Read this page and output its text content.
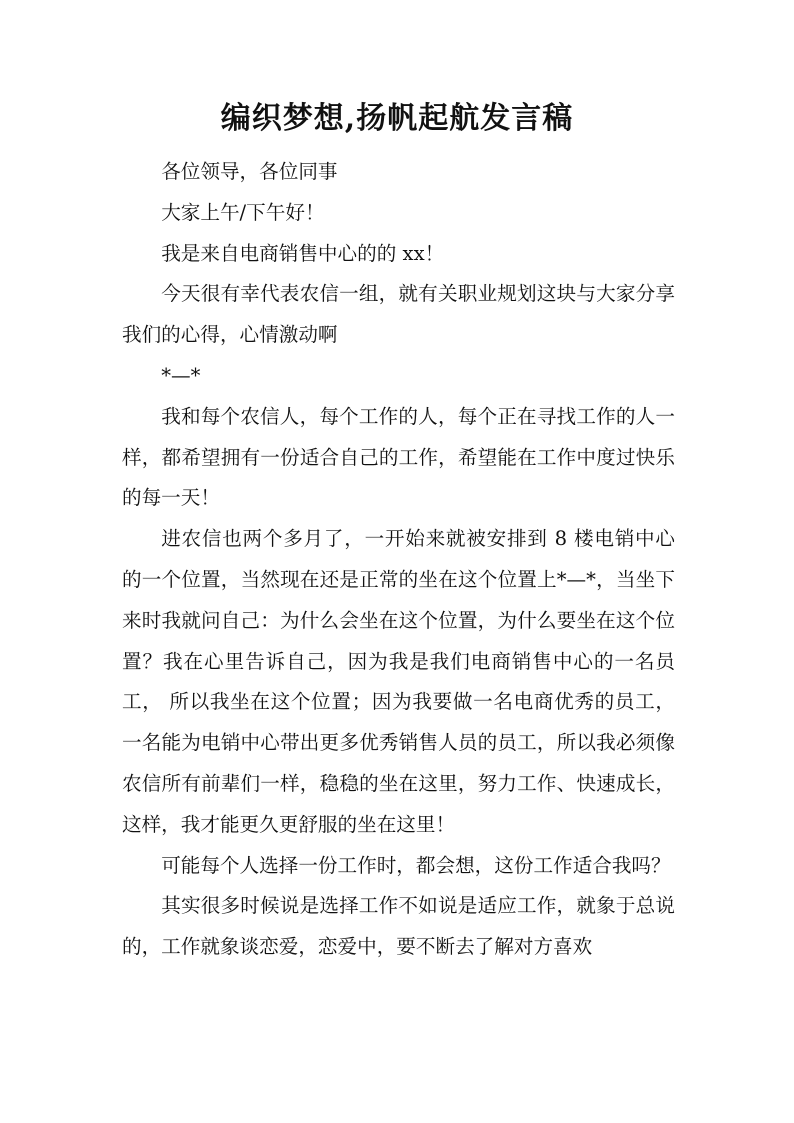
编织梦想,扬帆起航发言稿

各位领导，各位同事

大家上午/下午好！

我是来自电商销售中心的的 xx！

今天很有幸代表农信一组，就有关职业规划这块与大家分享我们的心得，心情激动啊

*—*

我和每个农信人，每个工作的人，每个正在寻找工作的人一样，都希望拥有一份适合自己的工作，希望能在工作中度过快乐的每一天！

进农信也两个多月了，一开始来就被安排到 8 楼电销中心的一个位置，当然现在还是正常的坐在这个位置上*—*，当坐下来时我就问自己：为什么会坐在这个位置，为什么要坐在这个位置？我在心里告诉自己，因为我是我们电商销售中心的一名员工， 所以我坐在这个位置；因为我要做一名电商优秀的员工，一名能为电销中心带出更多优秀销售人员的员工，所以我必须像农信所有前辈们一样，稳稳的坐在这里，努力工作、快速成长，这样，我才能更久更舒服的坐在这里！

可能每个人选择一份工作时，都会想，这份工作适合我吗？

其实很多时候说是选择工作不如说是适应工作，就象于总说的，工作就象谈恋爱，恋爱中，要不断去了解对方喜欢
